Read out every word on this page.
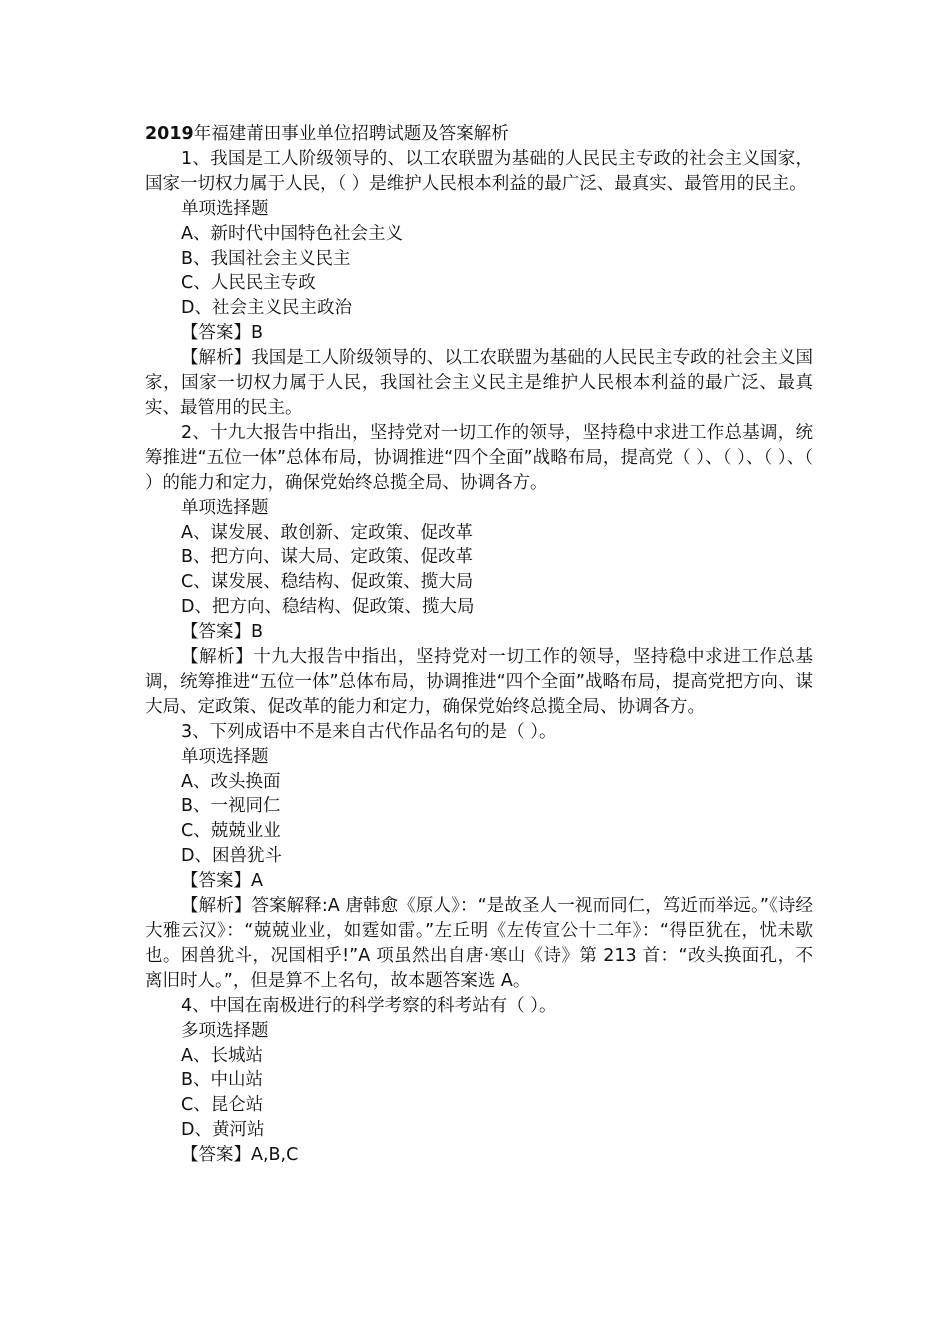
2019年福建莆田事业单位招聘试题及答案解析

1、我国是工人阶级领导的、以工农联盟为基础的人民民主专政的社会主义国家，国家一切权力属于人民，（ ）是维护人民根本利益的最广泛、最真实、最管用的民主。

单项选择题

A、新时代中国特色社会主义

B、我国社会主义民主

C、人民民主专政

D、社会主义民主政治

【答案】B

【解析】我国是工人阶级领导的、以工农联盟为基础的人民民主专政的社会主义国家，国家一切权力属于人民，我国社会主义民主是维护人民根本利益的最广泛、最真实、最管用的民主。

2、十九大报告中指出，坚持党对一切工作的领导，坚持稳中求进工作总基调，统筹推进“五位一体”总体布局，协调推进“四个全面”战略布局，提高党（ ）、（ ）、（ ）、（ ）的能力和定力，确保党始终总揽全局、协调各方。

单项选择题

A、谋发展、敢创新、定政策、促改革

B、把方向、谋大局、定政策、促改革

C、谋发展、稳结构、促政策、揽大局

D、把方向、稳结构、促政策、揽大局

【答案】B

【解析】十九大报告中指出，坚持党对一切工作的领导，坚持稳中求进工作总基调，统筹推进“五位一体”总体布局，协调推进“四个全面”战略布局，提高党把方向、谋大局、定政策、促改革的能力和定力，确保党始终总揽全局、协调各方。

3、下列成语中不是来自古代作品名句的是（ ）。

单项选择题

A、改头换面

B、一视同仁

C、兢兢业业

D、困兽犹斗

【答案】A

【解析】答案解释:A 唐韩愈《原人》：“是故圣人一视而同仁，笃近而举远。”《诗经大雅云汉》：“兢兢业业，如霆如雷。”左丘明《左传宣公十二年》：“得臣犹在，忧未歇也。困兽犹斗，况国相乎!”A 项虽然出自唐·寒山《诗》第 213 首：“改头换面孔，不离旧时人。”，但是算不上名句，故本题答案选 A。

4、中国在南极进行的科学考察的科考站有（ ）。

多项选择题

A、长城站

B、中山站

C、昆仑站

D、黄河站

【答案】A,B,C
